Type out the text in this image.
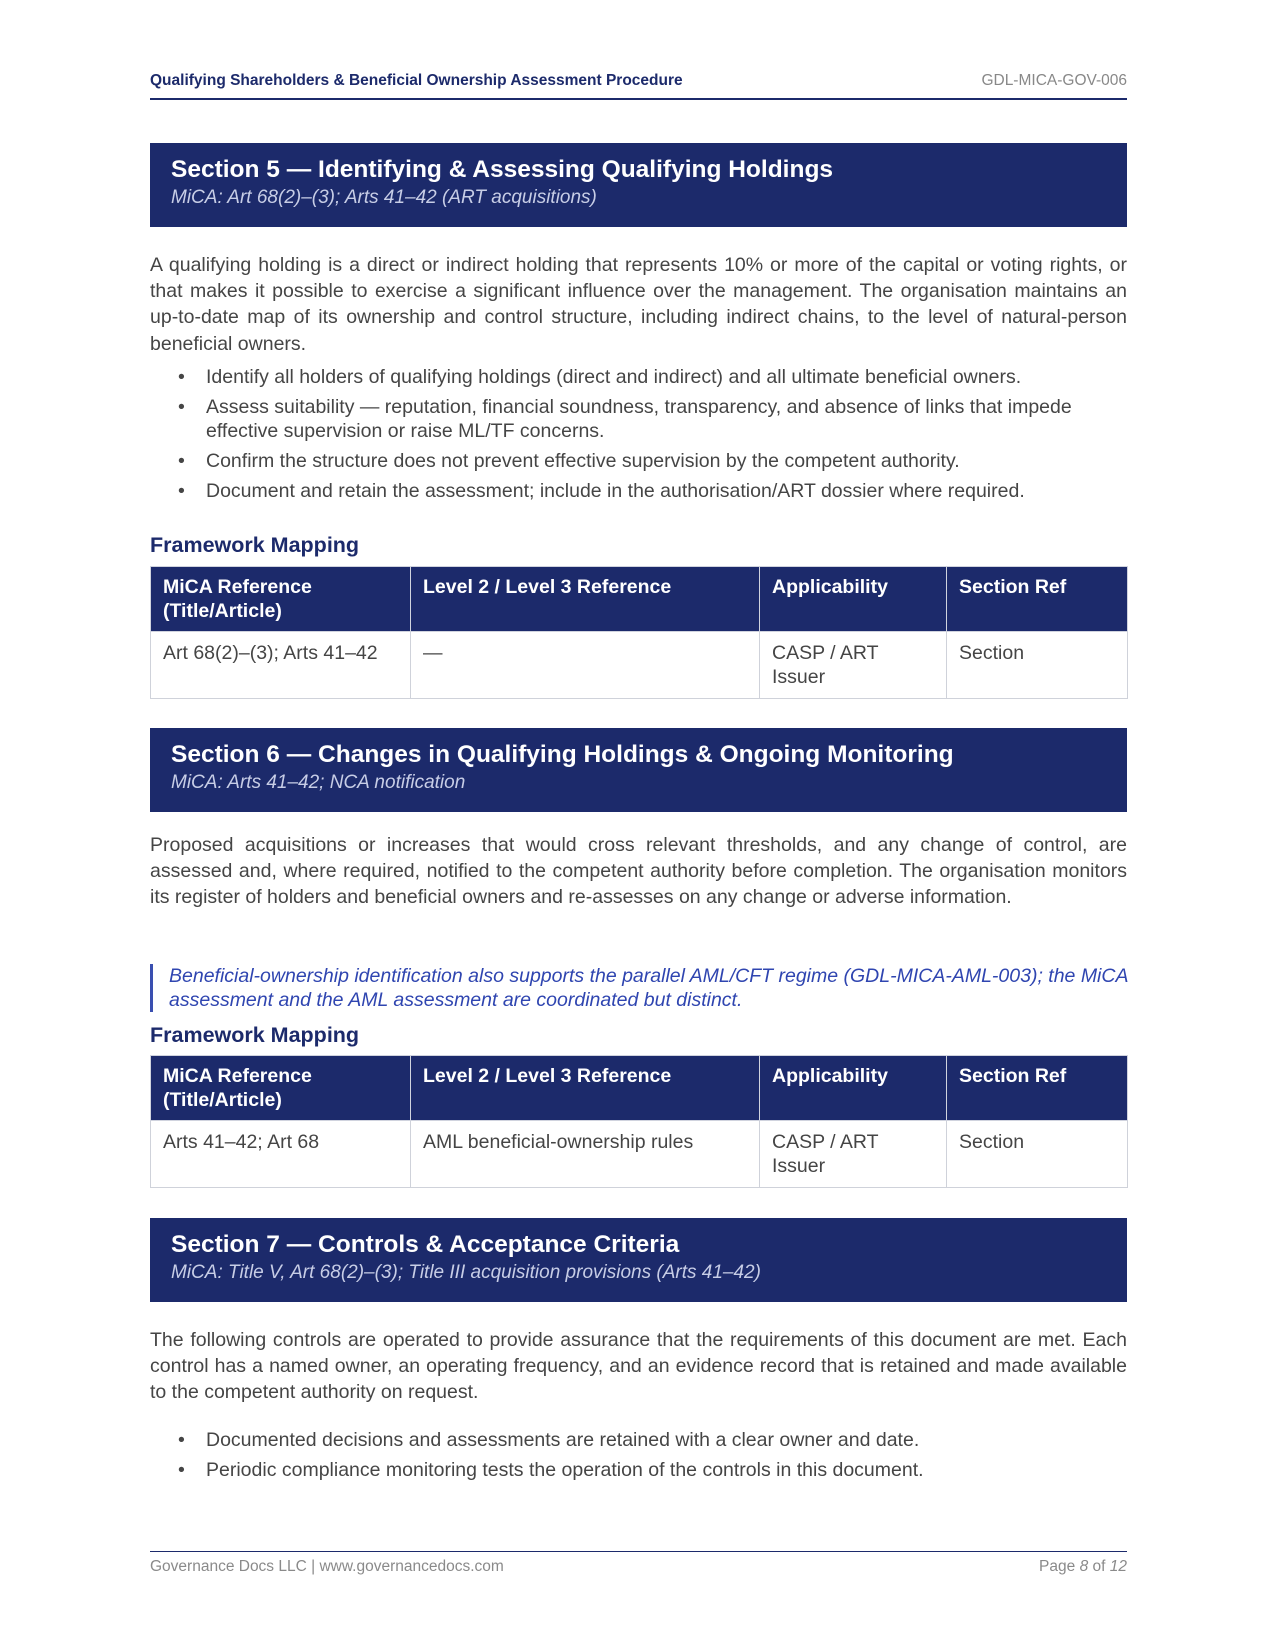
Qualifying Shareholders & Beneficial Ownership Assessment Procedure	GDL-MICA-GOV-006
Section 5 — Identifying & Assessing Qualifying Holdings
MiCA: Art 68(2)–(3); Arts 41–42 (ART acquisitions)

A qualifying holding is a direct or indirect holding that represents 10% or more of the capital or voting rights, or that makes it possible to exercise a significant influence over the management. The organisation maintains an up-to-date map of its ownership and control structure, including indirect chains, to the level of natural-person beneficial owners.

• Identify all holders of qualifying holdings (direct and indirect) and all ultimate beneficial owners.
• Assess suitability — reputation, financial soundness, transparency, and absence of links that impede effective supervision or raise ML/TF concerns.
• Confirm the structure does not prevent effective supervision by the competent authority.
• Document and retain the assessment; include in the authorisation/ART dossier where required.
Framework Mapping
MiCA Reference (Title/Article)	Level 2 / Level 3 Reference	Applicability	Section Ref
Art 68(2)–(3); Arts 41–42	—	CASP / ART Issuer	Section
Section 6 — Changes in Qualifying Holdings & Ongoing Monitoring
MiCA: Arts 41–42; NCA notification

Proposed acquisitions or increases that would cross relevant thresholds, and any change of control, are assessed and, where required, notified to the competent authority before completion. The organisation monitors its register of holders and beneficial owners and re-assesses on any change or adverse information.

Beneficial-ownership identification also supports the parallel AML/CFT regime (GDL-MICA-AML-003); the MiCA assessment and the AML assessment are coordinated but distinct.
Framework Mapping
MiCA Reference (Title/Article)	Level 2 / Level 3 Reference	Applicability	Section Ref
Arts 41–42; Art 68	AML beneficial-ownership rules	CASP / ART Issuer	Section
Section 7 — Controls & Acceptance Criteria
MiCA: Title V, Art 68(2)–(3); Title III acquisition provisions (Arts 41–42)

The following controls are operated to provide assurance that the requirements of this document are met. Each control has a named owner, an operating frequency, and an evidence record that is retained and made available to the competent authority on request.

• Documented decisions and assessments are retained with a clear owner and date.
• Periodic compliance monitoring tests the operation of the controls in this document.
Governance Docs LLC | www.governancedocs.com	Page 8 of 12
